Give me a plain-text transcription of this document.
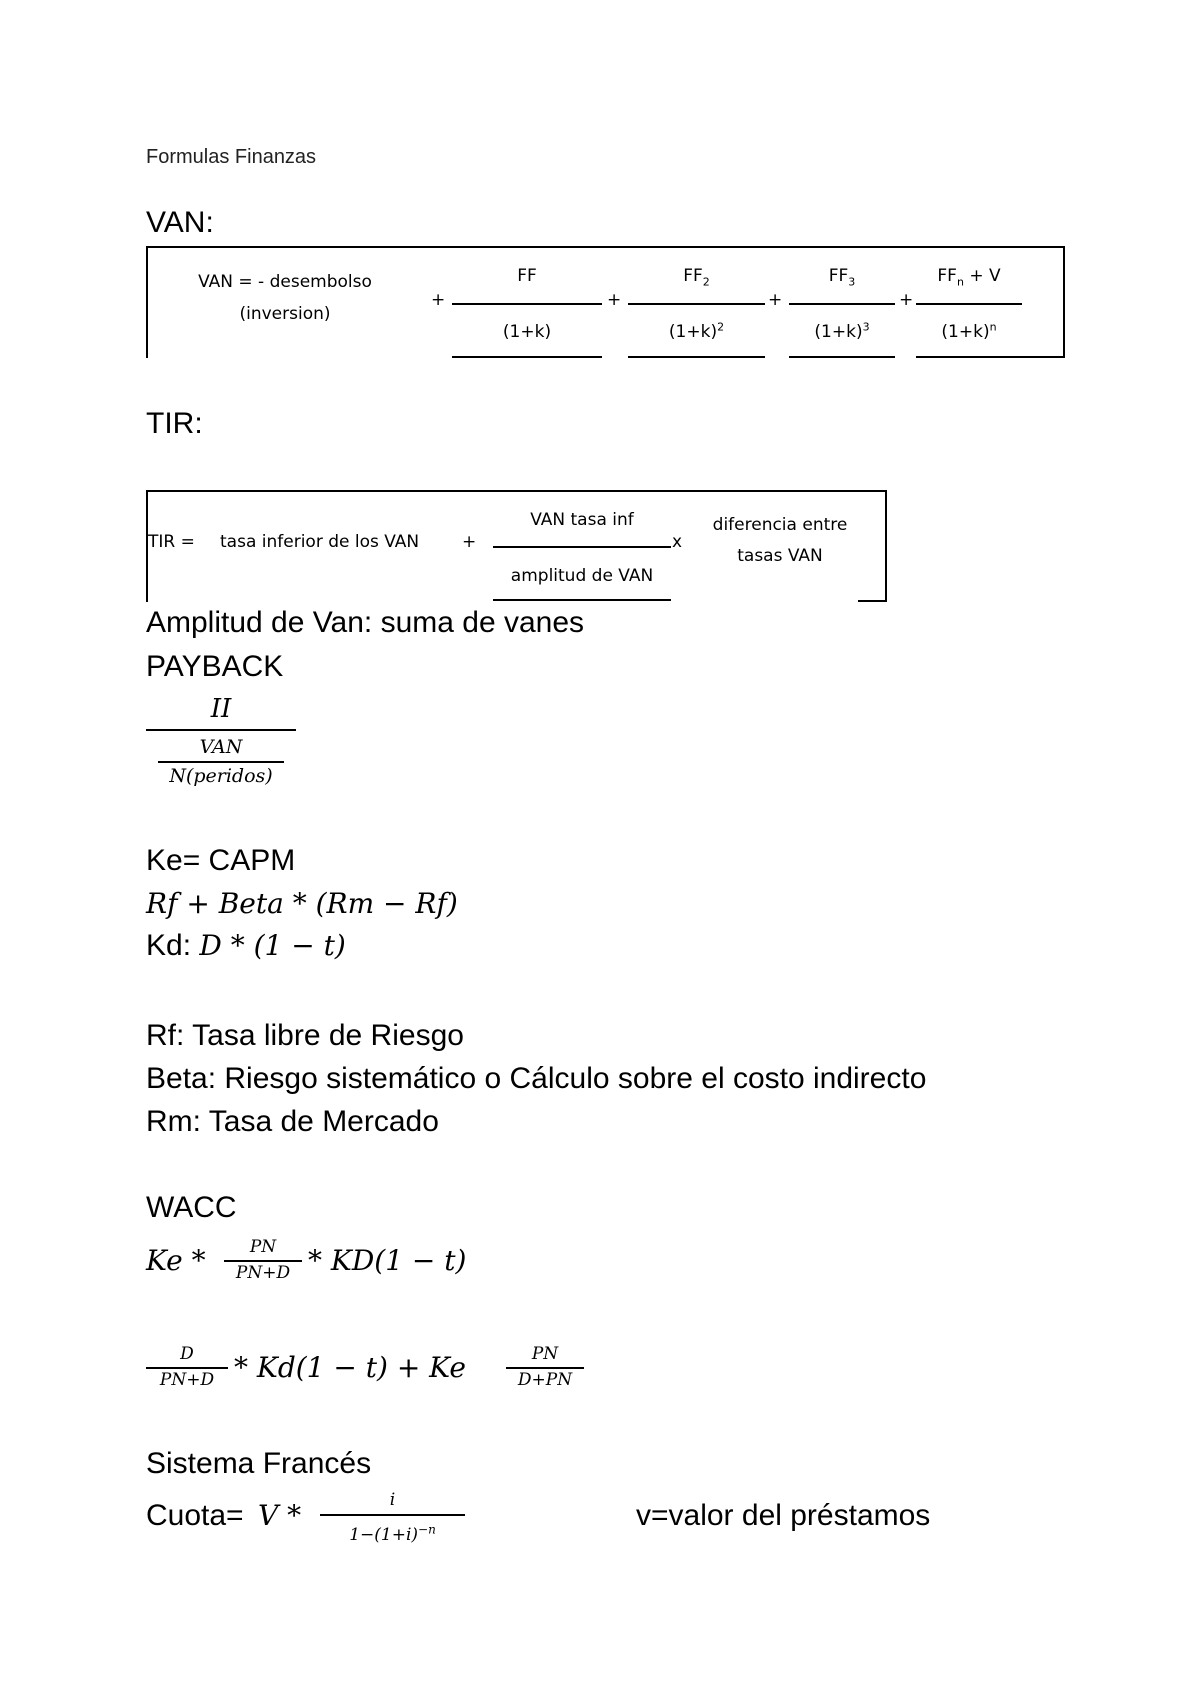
Formulas Finanzas
VAN:
VAN = - desembolso
(inversion)
+	+	+	+
FF
(1+k)
$FF_2$
$(1+k)^2$
$FF_3$
$(1+k)^3$
$FF_n + V$
$(1+k)^n$
TIR:
TIR = tasa inferior de los VAN	+
VAN tasa inf
amplitud de VAN
x
diferencia entre
tasas VAN
Amplitud de Van: suma de vanes
PAYBACK
II
VAN
N(peridos)
Ke= CAPM
Rf + Beta * (Rm − Rf)
Kd: D * (1 − t)
Rf: Tasa libre de Riesgo
Beta: Riesgo sistemático o Cálculo sobre el costo indirecto
Rm: Tasa de Mercado
WACC
Ke *	PN
PN+D * KD(1 − t)
D
PN+D * Kd(1 − t) + Ke	PN
D+PN
Sistema Francés
Cuota= V *	i
$1-(1+i)^{-n}$	v=valor del préstamos
